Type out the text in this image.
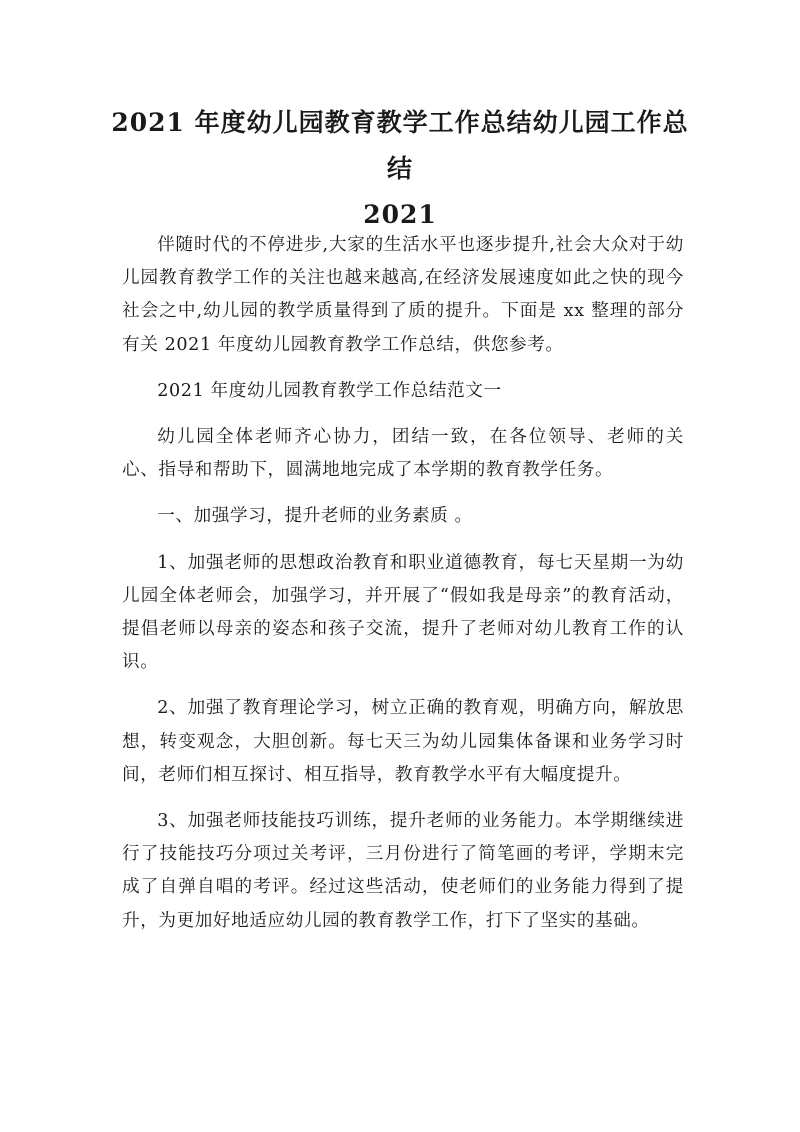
2021 年度幼儿园教育教学工作总结幼儿园工作总结
2021

伴随时代的不停进步,大家的生活水平也逐步提升,社会大众对于幼儿园教育教学工作的关注也越来越高,在经济发展速度如此之快的现今社会之中,幼儿园的教学质量得到了质的提升。下面是 xx 整理的部分有关 2021 年度幼儿园教育教学工作总结，供您参考。

2021 年度幼儿园教育教学工作总结范文一

幼儿园全体老师齐心协力，团结一致，在各位领导、老师的关心、指导和帮助下，圆满地地完成了本学期的教育教学任务。

一、加强学习，提升老师的业务素质 。

1、加强老师的思想政治教育和职业道德教育，每七天星期一为幼儿园全体老师会，加强学习，并开展了“假如我是母亲”的教育活动，提倡老师以母亲的姿态和孩子交流，提升了老师对幼儿教育工作的认识。

2、加强了教育理论学习，树立正确的教育观，明确方向，解放思想，转变观念，大胆创新。每七天三为幼儿园集体备课和业务学习时间，老师们相互探讨、相互指导，教育教学水平有大幅度提升。

3、加强老师技能技巧训练，提升老师的业务能力。本学期继续进行了技能技巧分项过关考评，三月份进行了简笔画的考评，学期末完成了自弹自唱的考评。经过这些活动，使老师们的业务能力得到了提升，为更加好地适应幼儿园的教育教学工作，打下了坚实的基础。
